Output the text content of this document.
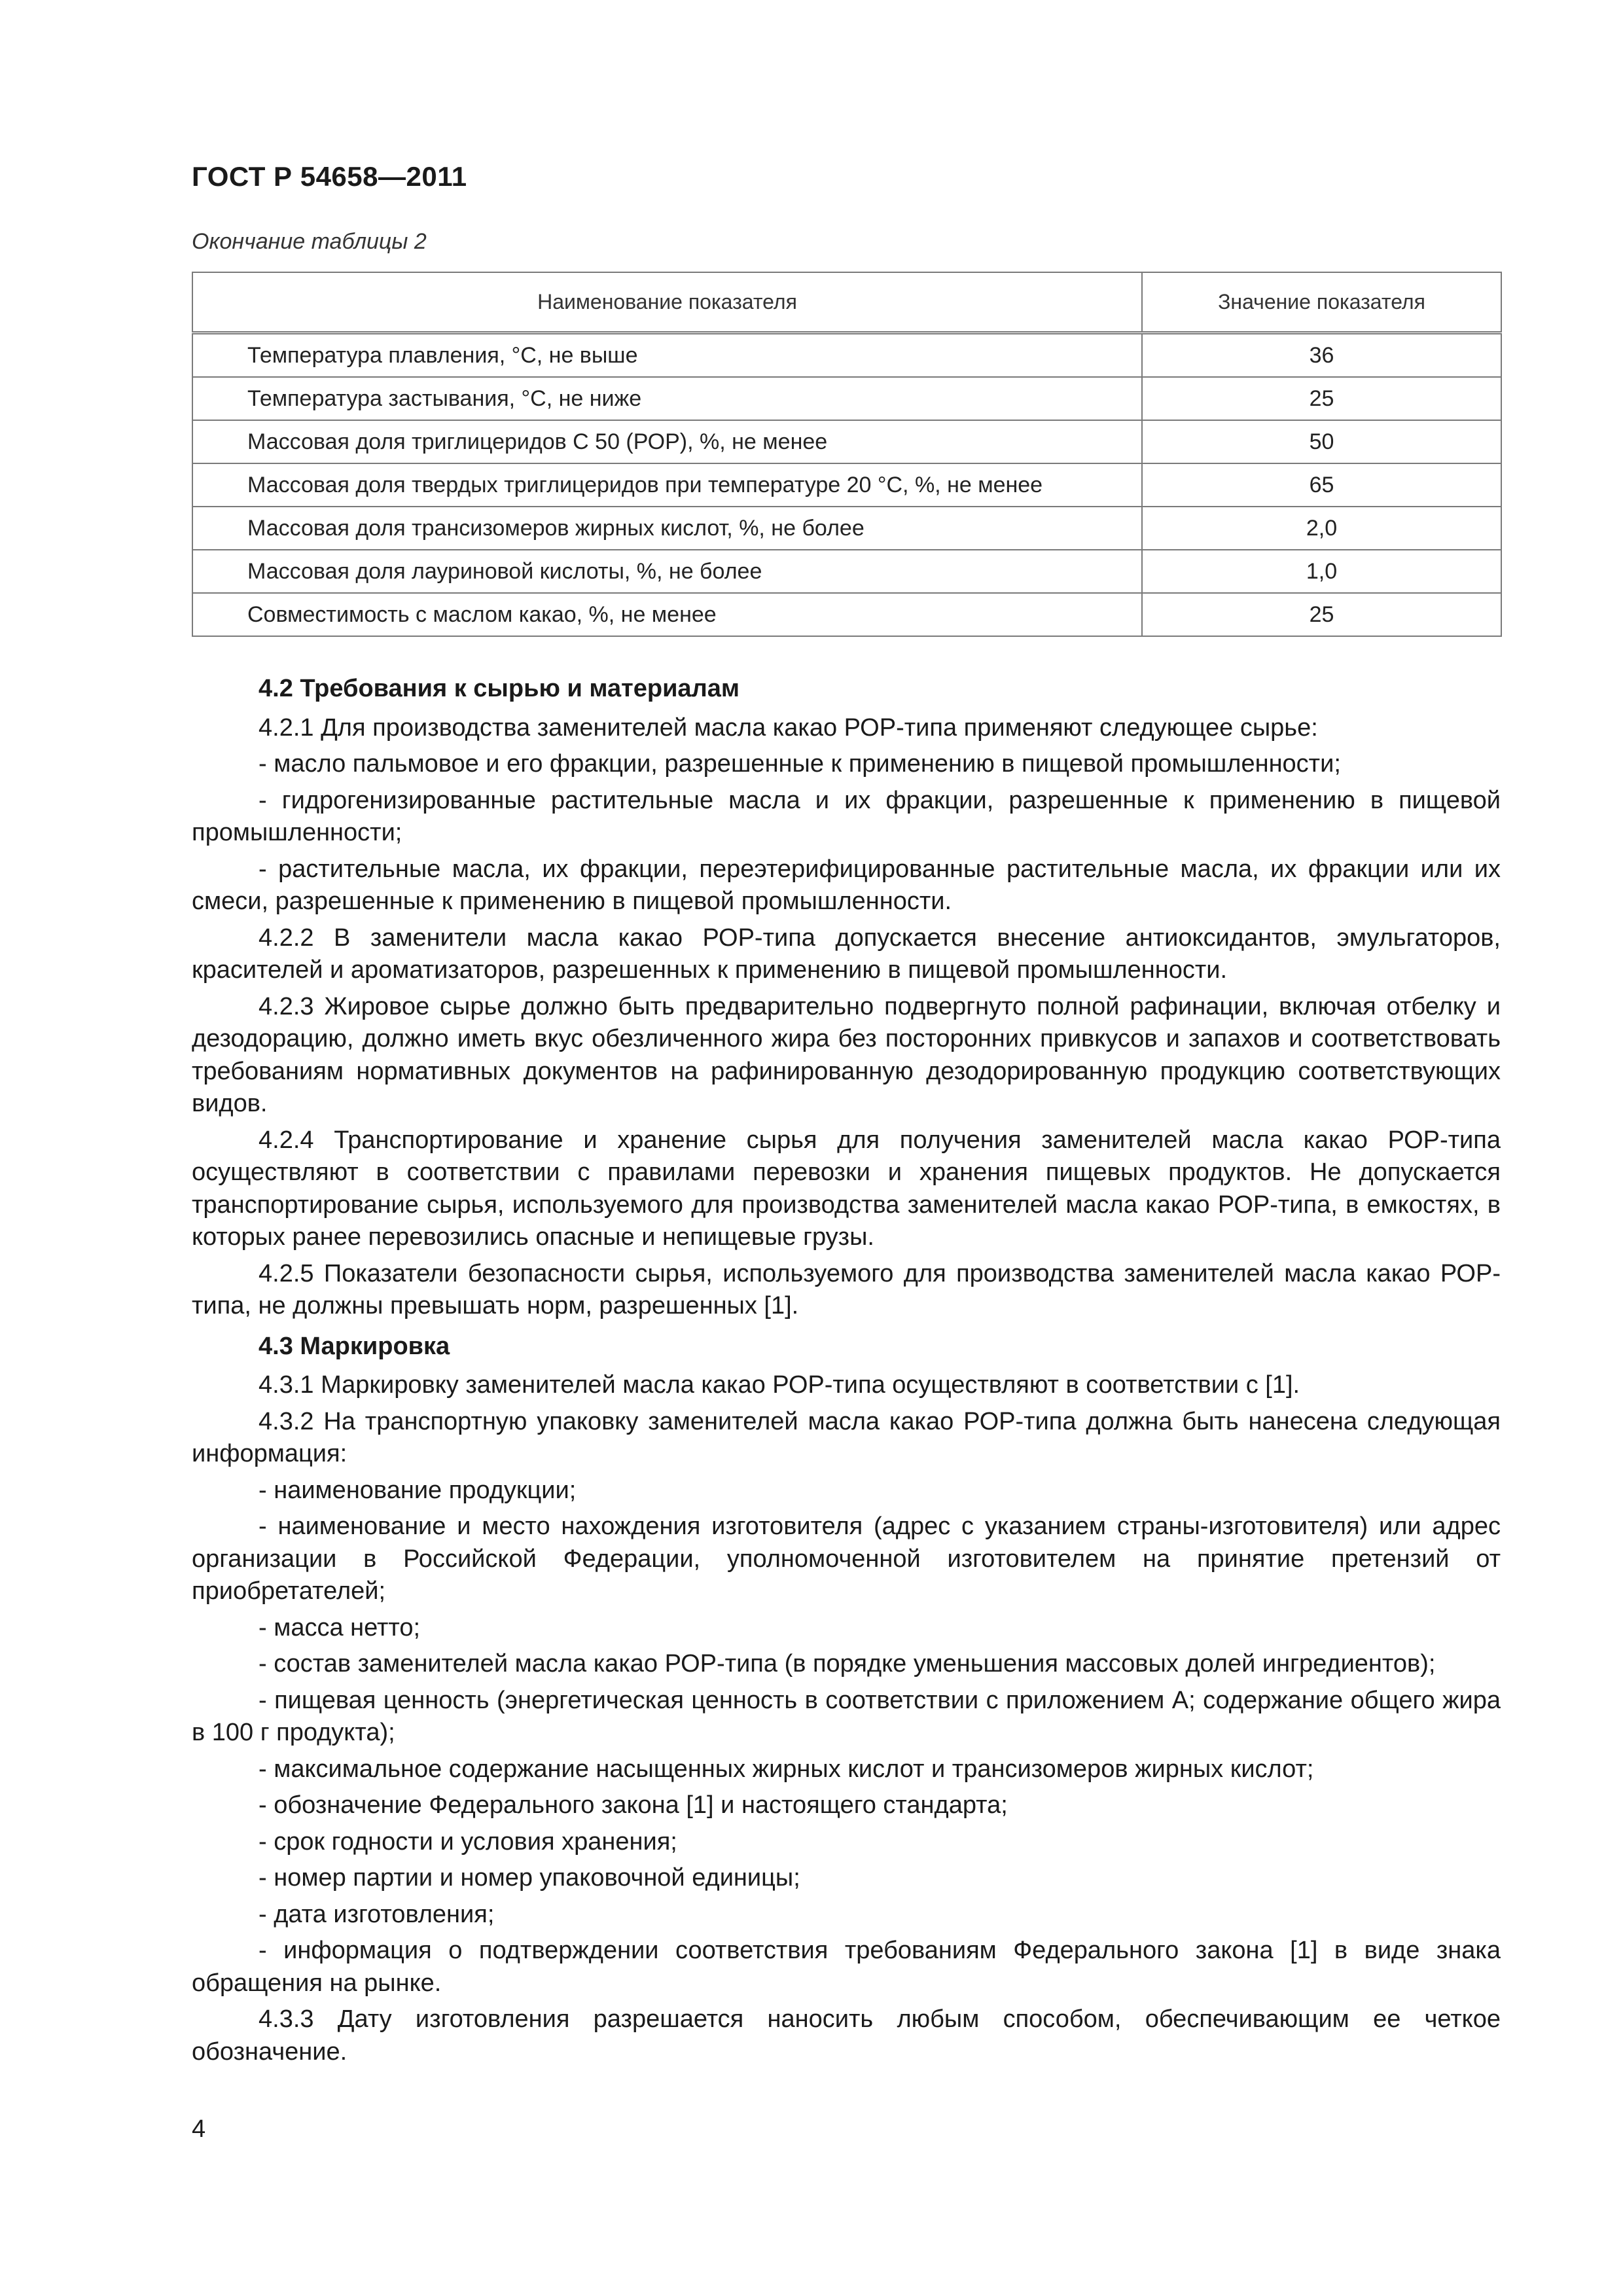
ГОСТ Р 54658—2011
Окончание таблицы 2
Наименование показателя	Значение показателя
Температура плавления, °С, не выше	36
Температура застывания, °С, не ниже	25
Массовая доля триглицеридов С 50 (РОР), %, не менее	50
Массовая доля твердых триглицеридов при температуре 20 °С, %, не менее	65
Массовая доля трансизомеров жирных кислот, %, не более	2,0
Массовая доля лауриновой кислоты, %, не более	1,0
Совместимость с маслом какао, %, не менее	25

4.2 Требования к сырью и материалам

4.2.1 Для производства заменителей масла какао РОР-типа применяют следующее сырье:

- масло пальмовое и его фракции, разрешенные к применению в пищевой промышленности;

- гидрогенизированные растительные масла и их фракции, разрешенные к применению в пищевой промышленности;

- растительные масла, их фракции, переэтерифицированные растительные масла, их фракции или их смеси, разрешенные к применению в пищевой промышленности.

4.2.2 В заменители масла какао РОР-типа допускается внесение антиоксидантов, эмульгаторов, красителей и ароматизаторов, разрешенных к применению в пищевой промышленности.

4.2.3 Жировое сырье должно быть предварительно подвергнуто полной рафинации, включая отбелку и дезодорацию, должно иметь вкус обезличенного жира без посторонних привкусов и запахов и соответствовать требованиям нормативных документов на рафинированную дезодорированную продукцию соответствующих видов.

4.2.4 Транспортирование и хранение сырья для получения заменителей масла какао РОР-типа осуществляют в соответствии с правилами перевозки и хранения пищевых продуктов. Не допускается транспортирование сырья, используемого для производства заменителей масла какао РОР-типа, в емкостях, в которых ранее перевозились опасные и непищевые грузы.

4.2.5 Показатели безопасности сырья, используемого для производства заменителей масла какао РОР-типа, не должны превышать норм, разрешенных [1].

4.3 Маркировка

4.3.1 Маркировку заменителей масла какао РОР-типа осуществляют в соответствии с [1].

4.3.2 На транспортную упаковку заменителей масла какао РОР-типа должна быть нанесена следующая информация:

- наименование продукции;

- наименование и место нахождения изготовителя (адрес с указанием страны-изготовителя) или адрес организации в Российской Федерации, уполномоченной изготовителем на принятие претензий от приобретателей;

- масса нетто;

- состав заменителей масла какао РОР-типа (в порядке уменьшения массовых долей ингредиентов);

- пищевая ценность (энергетическая ценность в соответствии с приложением А; содержание общего жира в 100 г продукта);

- максимальное содержание насыщенных жирных кислот и трансизомеров жирных кислот;

- обозначение Федерального закона [1] и настоящего стандарта;

- срок годности и условия хранения;

- номер партии и номер упаковочной единицы;

- дата изготовления;

- информация о подтверждении соответствия требованиям Федерального закона [1] в виде знака обращения на рынке.

4.3.3 Дату изготовления разрешается наносить любым способом, обеспечивающим ее четкое обозначение.

4
